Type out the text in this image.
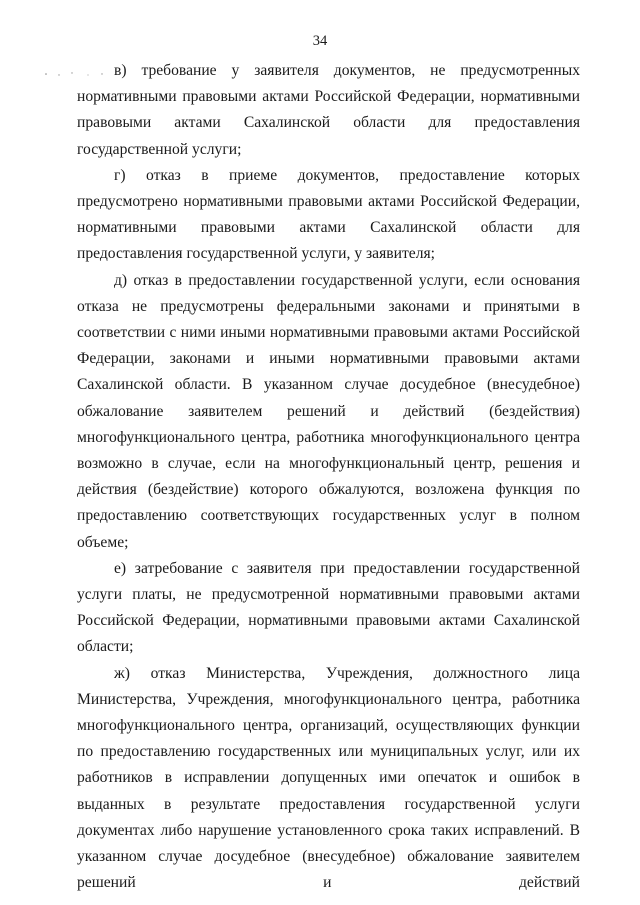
34

в) требование у заявителя документов, не предусмотренных нормативными правовыми актами Российской Федерации, нормативными правовыми актами Сахалинской области для предоставления государственной услуги;

г) отказ в приеме документов, предоставление которых предусмотрено нормативными правовыми актами Российской Федерации, нормативными правовыми актами Сахалинской области для предоставления государственной услуги, у заявителя;

д) отказ в предоставлении государственной услуги, если основания отказа не предусмотрены федеральными законами и принятыми в соответствии с ними иными нормативными правовыми актами Российской Федерации, законами и иными нормативными правовыми актами Сахалинской области. В указанном случае досудебное (внесудебное) обжалование заявителем решений и действий (бездействия) многофункционального центра, работника многофункционального центра возможно в случае, если на многофункциональный центр, решения и действия (бездействие) которого обжалуются, возложена функция по предоставлению соответствующих государственных услуг в полном объеме;

е) затребование с заявителя при предоставлении государственной услуги платы, не предусмотренной нормативными правовыми актами Российской Федерации, нормативными правовыми актами Сахалинской области;

ж) отказ Министерства, Учреждения, должностного лица Министерства, Учреждения, многофункционального центра, работника многофункционального центра, организаций, осуществляющих функции по предоставлению государственных или муниципальных услуг, или их работников в исправлении допущенных ими опечаток и ошибок в выданных в результате предоставления государственной услуги документах либо нарушение установленного срока таких исправлений. В указанном случае досудебное (внесудебное) обжалование заявителем решений и действий
